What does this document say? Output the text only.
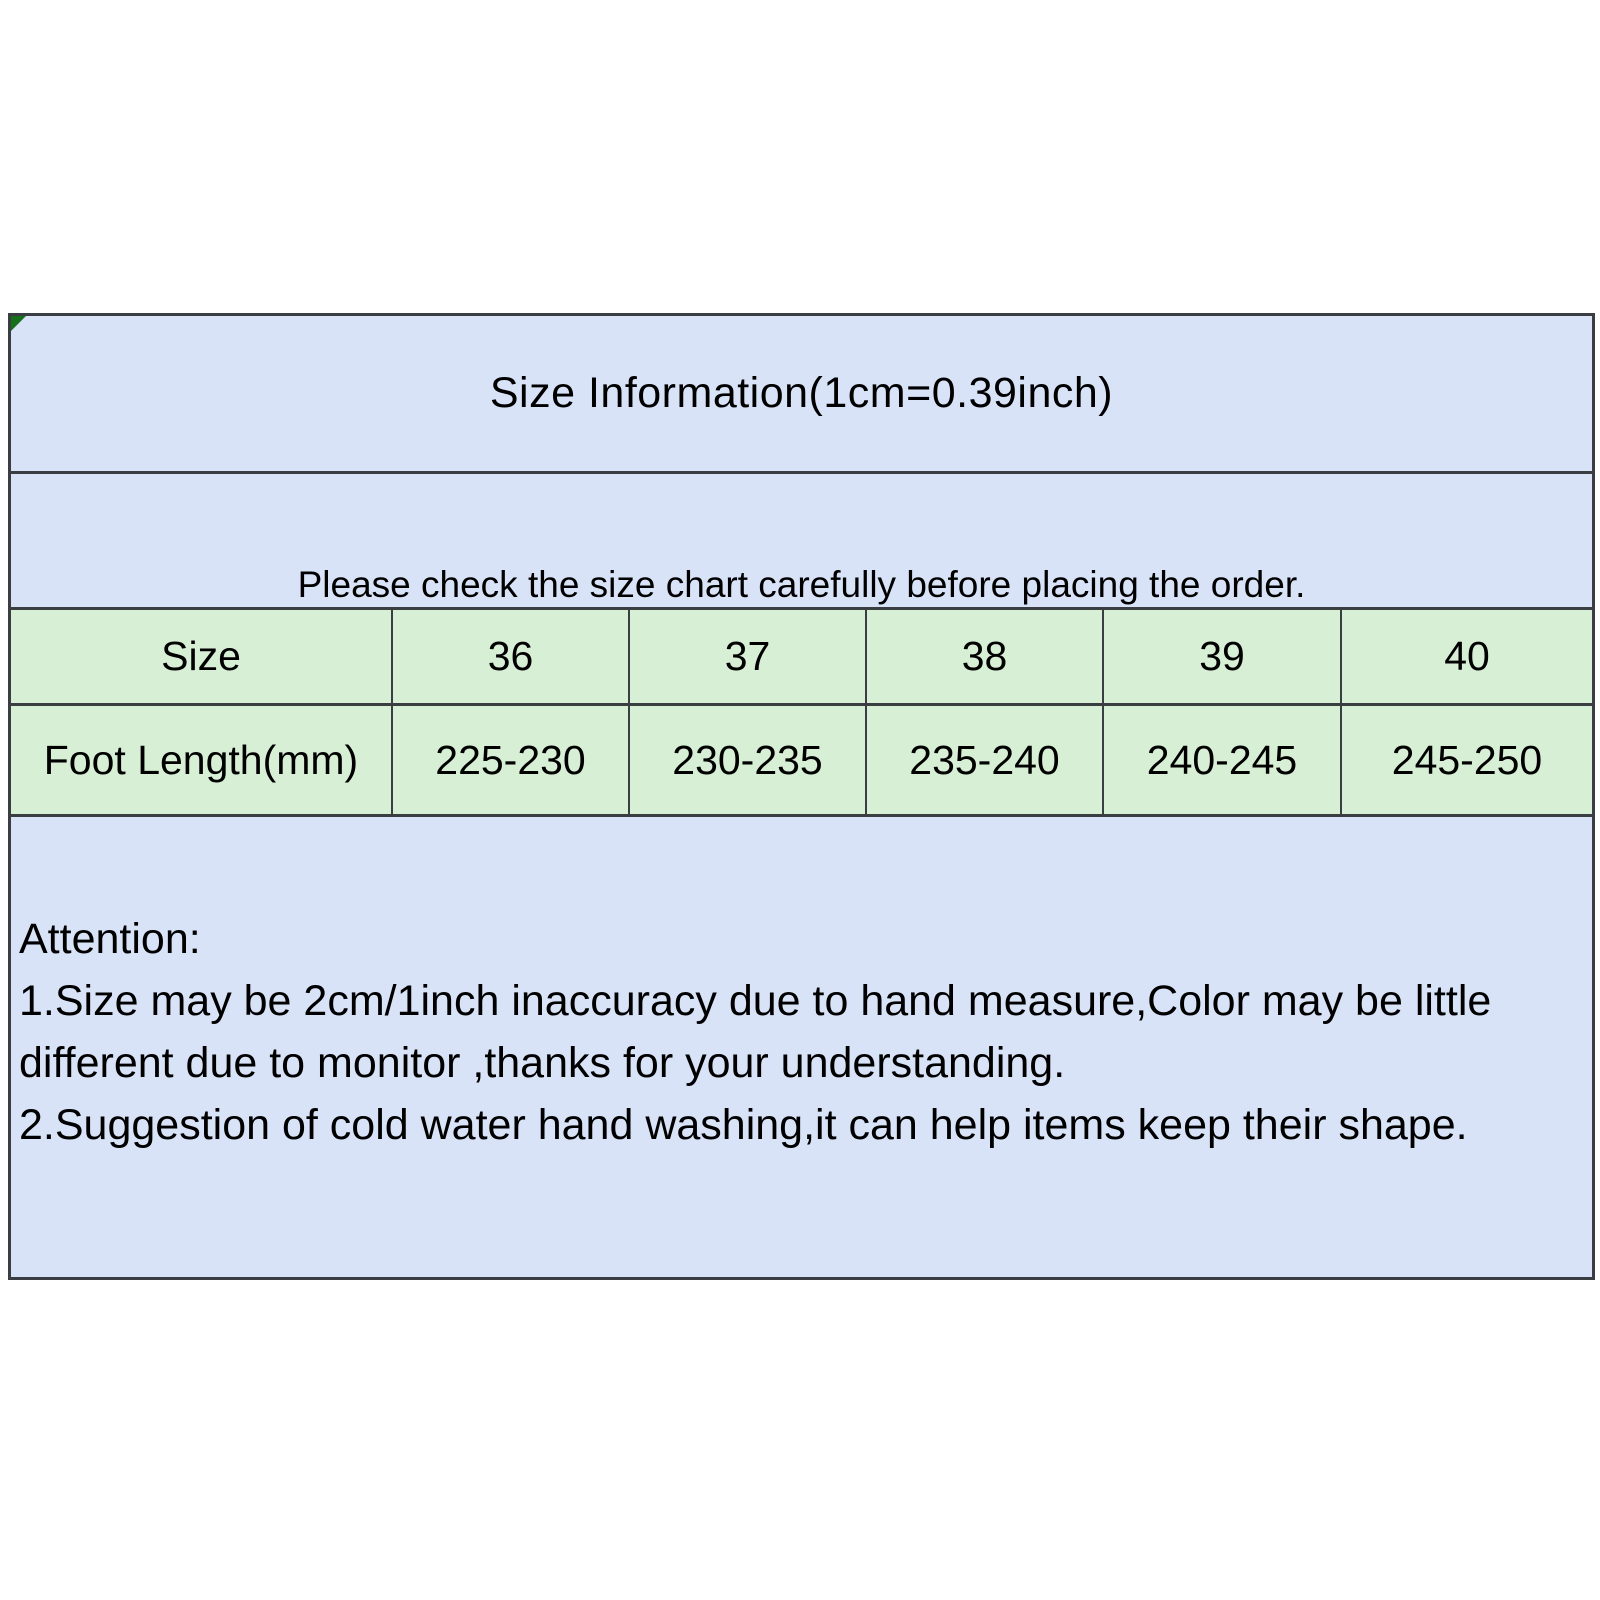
Size Information(1cm=0.39inch)
Please check the size chart carefully before placing the order.
Size	36	37	38	39	40
Foot Length(mm)	225-230	230-235	235-240	240-245	245-250
Attention:
1.Size may be 2cm/1inch inaccuracy due to hand measure,Color may be little different due to monitor ,thanks for your understanding.
2.Suggestion of cold water hand washing,it can help items keep their shape.
